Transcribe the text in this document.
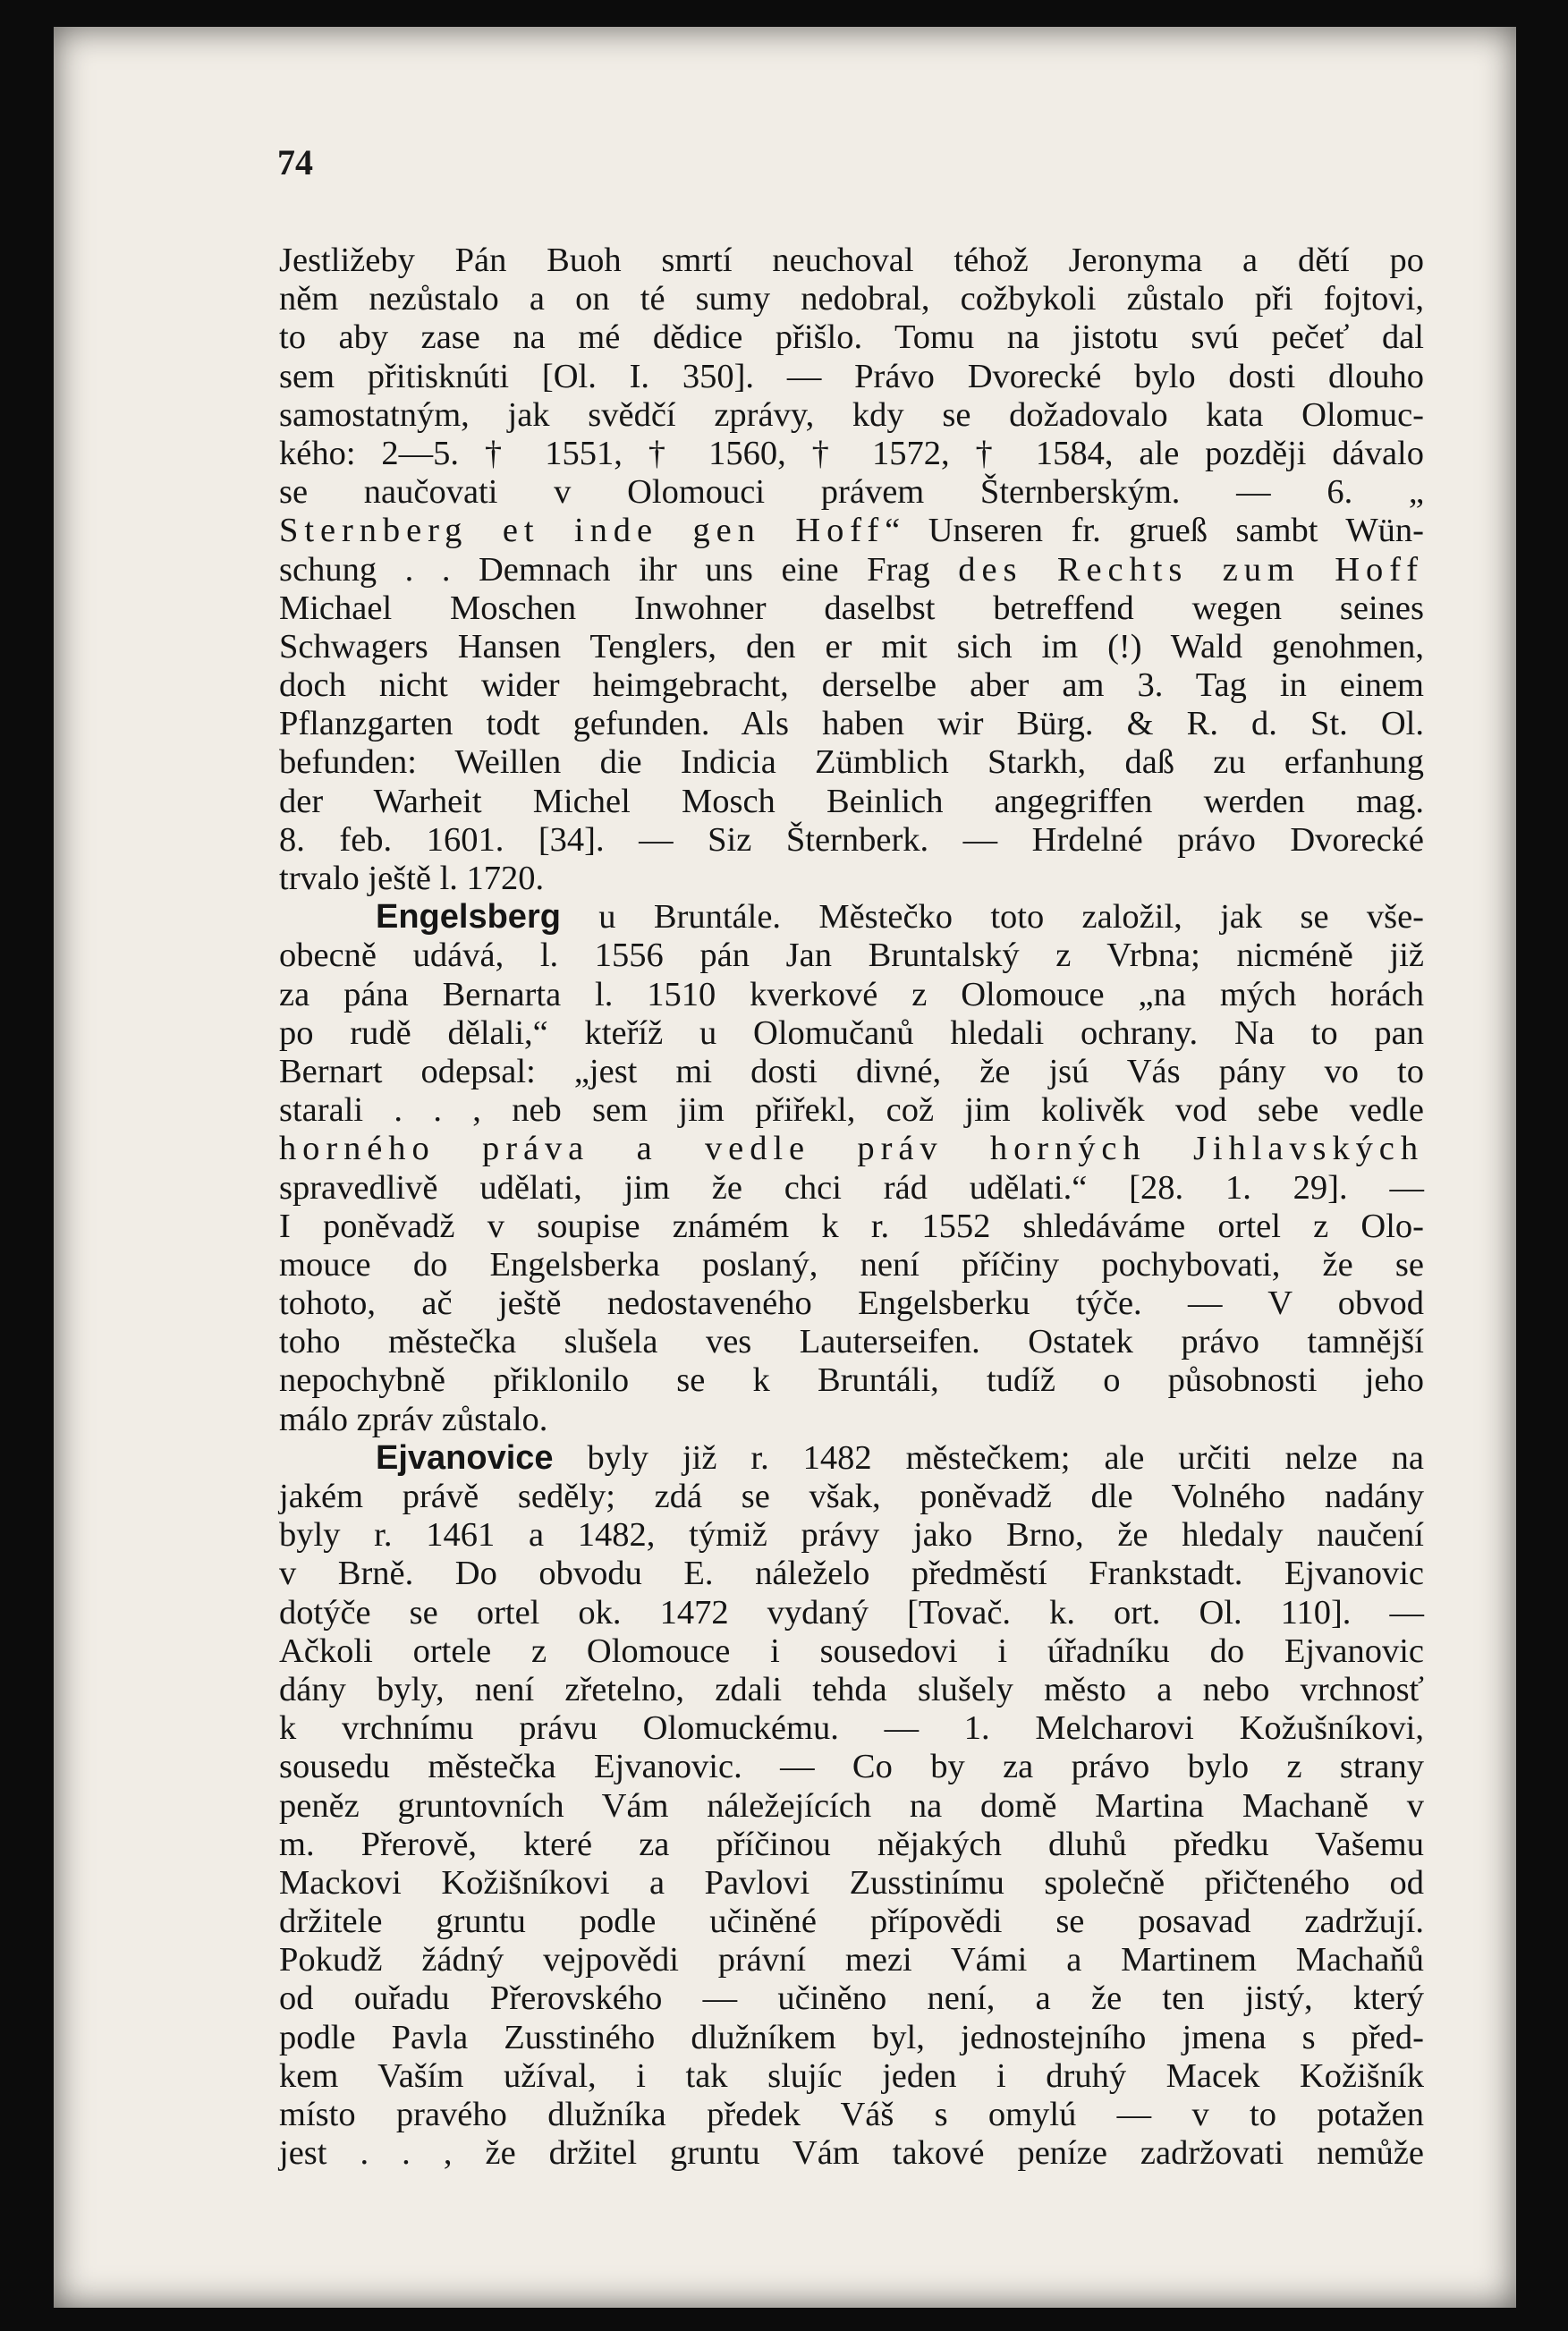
74
Jestližeby Pán Buoh smrtí neuchoval téhož Jeronyma a dětí po
něm nezůstalo a on té sumy nedobral, cožbykoli zůstalo při fojtovi,
to aby zase na mé dědice přišlo. Tomu na jistotu svú pečeť dal
sem přitisknúti [Ol. I. 350]. — Právo Dvorecké bylo dosti dlouho
samostatným, jak svědčí zprávy, kdy se dožadovalo kata Olomuc-
kého: 2—5. † 1551, † 1560, † 1572, † 1584, ale později dávalo
se naučovati v Olomouci právem Šternberským. — 6. „
Sternberg et inde gen Hoff“ Unseren fr. grueß sambt Wün-
schung . . Demnach ihr uns eine Frag des Rechts zum Hoff
Michael Moschen Inwohner daselbst betreffend wegen seines
Schwagers Hansen Tenglers, den er mit sich im (!) Wald genohmen,
doch nicht wider heimgebracht, derselbe aber am 3. Tag in einem
Pflanzgarten todt gefunden. Als haben wir Bürg. & R. d. St. Ol.
befunden: Weillen die Indicia Zümblich Starkh, daß zu erfanhung
der Warheit Michel Mosch Beinlich angegriffen werden mag.
8. feb. 1601. [34]. — Siz Šternberk. — Hrdelné právo Dvorecké
trvalo ještě l. 1720.
Engelsberg u Bruntále. Městečko toto založil, jak se vše-
obecně udává, l. 1556 pán Jan Bruntalský z Vrbna; nicméně již
za pána Bernarta l. 1510 kverkové z Olomouce „na mých horách
po rudě dělali,“ kteříž u Olomučanů hledali ochrany. Na to pan
Bernart odepsal: „jest mi dosti divné, že jsú Vás pány vo to
starali . . , neb sem jim přiřekl, což jim kolivěk vod sebe vedle
horného práva a vedle práv horných Jihlavských
spravedlivě udělati, jim že chci rád udělati.“ [28. 1. 29]. —
I poněvadž v soupise známém k r. 1552 shledáváme ortel z Olo-
mouce do Engelsberka poslaný, není příčiny pochybovati, že se
tohoto, ač ještě nedostaveného Engelsberku týče. — V obvod
toho městečka slušela ves Lauterseifen. Ostatek právo tamnější
nepochybně přiklonilo se k Bruntáli, tudíž o působnosti jeho
málo zpráv zůstalo.
Ejvanovice byly již r. 1482 městečkem; ale určiti nelze na
jakém právě seděly; zdá se však, poněvadž dle Volného nadány
byly r. 1461 a 1482, týmiž právy jako Brno, že hledaly naučení
v Brně. Do obvodu E. náleželo předměstí Frankstadt. Ejvanovic
dotýče se ortel ok. 1472 vydaný [Tovač. k. ort. Ol. 110]. —
Ačkoli ortele z Olomouce i sousedovi i úřadníku do Ejvanovic
dány byly, není zřetelno, zdali tehda slušely město a nebo vrchnosť
k vrchnímu právu Olomuckému. — 1. Melcharovi Kožušníkovi,
sousedu městečka Ejvanovic. — Co by za právo bylo z strany
peněz gruntovních Vám náležejících na domě Martina Machaně v
m. Přerově, které za příčinou nějakých dluhů předku Vašemu
Mackovi Kožišníkovi a Pavlovi Zusstinímu společně přičteného od
držitele gruntu podle učiněné přípovědi se posavad zadržují.
Pokudž žádný vejpovědi právní mezi Vámi a Martinem Machaňů
od ouřadu Přerovského — učiněno není, a že ten jistý, který
podle Pavla Zusstiného dlužníkem byl, jednostejního jmena s před-
kem Vaším užíval, i tak slujíc jeden i druhý Macek Kožišník
místo pravého dlužníka předek Váš s omylú — v to potažen
jest . . , že držitel gruntu Vám takové peníze zadržovati nemůže
